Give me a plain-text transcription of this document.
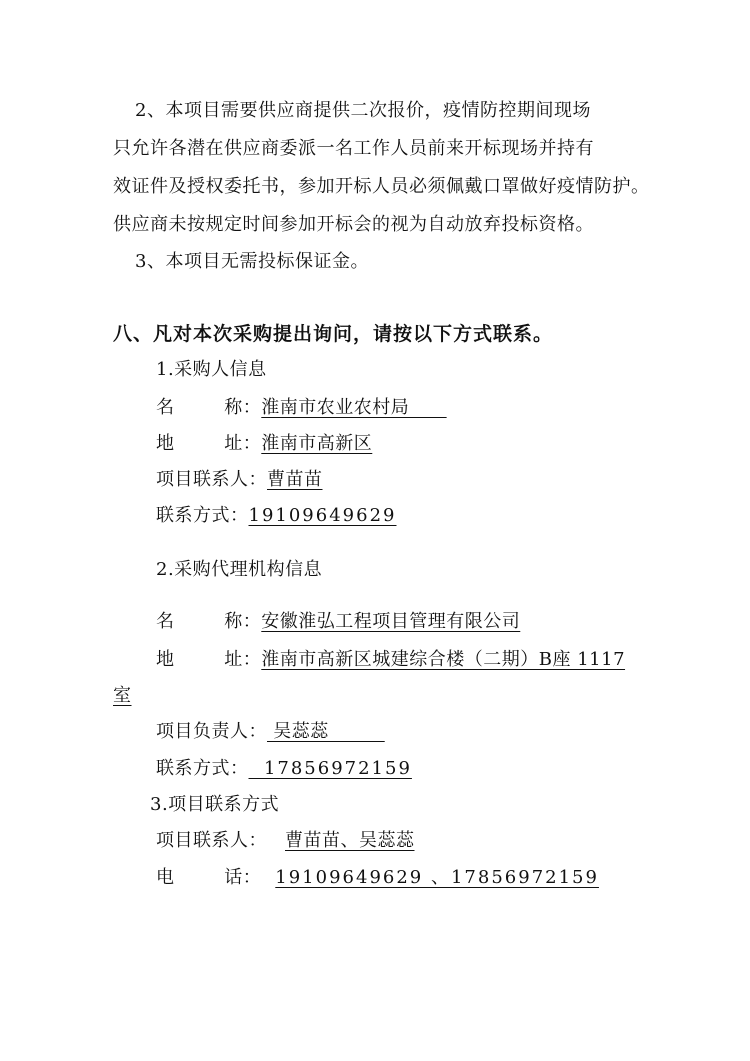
2、本项目需要供应商提供二次报价，疫情防控期间现场
只允许各潜在供应商委派一名工作人员前来开标现场并持有
效证件及授权委托书，参加开标人员必须佩戴口罩做好疫情防护。
供应商未按规定时间参加开标会的视为自动放弃投标资格。
3、本项目无需投标保证金。
八、凡对本次采购提出询问，请按以下方式联系。
1.采购人信息
名        称：淮南市农业农村局
地        址：淮南市高新区
项目联系人：曹苗苗
联系方式：19109649629
2.采购代理机构信息
名        称：安徽淮弘工程项目管理有限公司
地        址：淮南市高新区城建综合楼（二期）B座 1117
室
项目负责人： 吴蕊蕊
联系方式：  17856972159
3.项目联系方式
项目联系人： 曹苗苗、吴蕊蕊
电        话： 19109649629 、17856972159
